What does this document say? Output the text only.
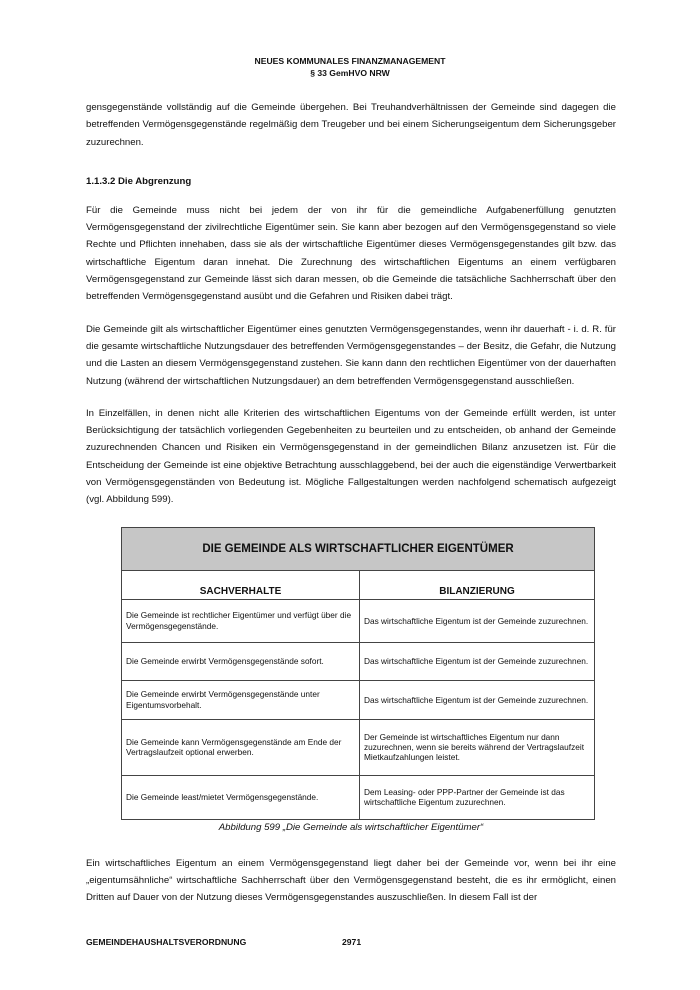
NEUES KOMMUNALES FINANZMANAGEMENT
§ 33 GemHVO NRW

gensgegenstände vollständig auf die Gemeinde übergehen. Bei Treuhandverhältnissen der Gemeinde sind dagegen die betreffenden Vermögensgegenstände regelmäßig dem Treugeber und bei einem Sicherungseigentum dem Sicherungsgeber zuzurechnen.

1.1.3.2 Die Abgrenzung

Für die Gemeinde muss nicht bei jedem der von ihr für die gemeindliche Aufgabenerfüllung genutzten Vermögensgegenstand der zivilrechtliche Eigentümer sein. Sie kann aber bezogen auf den Vermögensgegenstand so viele Rechte und Pflichten innehaben, dass sie als der wirtschaftliche Eigentümer dieses Vermögensgegenstandes gilt bzw. das wirtschaftliche Eigentum daran innehat. Die Zurechnung des wirtschaftlichen Eigentums an einem verfügbaren Vermögensgegenstand zur Gemeinde lässt sich daran messen, ob die Gemeinde die tatsächliche Sachherrschaft über den betreffenden Vermögensgegenstand ausübt und die Gefahren und Risiken dabei trägt.

Die Gemeinde gilt als wirtschaftlicher Eigentümer eines genutzten Vermögensgegenstandes, wenn ihr dauerhaft - i. d. R. für die gesamte wirtschaftliche Nutzungsdauer des betreffenden Vermögensgegenstandes – der Besitz, die Gefahr, die Nutzung und die Lasten an diesem Vermögensgegenstand zustehen. Sie kann dann den rechtlichen Eigentümer von der dauerhaften Nutzung (während der wirtschaftlichen Nutzungsdauer) an dem betreffenden Vermögensgegenstand ausschließen.

In Einzelfällen, in denen nicht alle Kriterien des wirtschaftlichen Eigentums von der Gemeinde erfüllt werden, ist unter Berücksichtigung der tatsächlich vorliegenden Gegebenheiten zu beurteilen und zu entscheiden, ob anhand der Gemeinde zuzurechnenden Chancen und Risiken ein Vermögensgegenstand in der gemeindlichen Bilanz anzusetzen ist. Für die Entscheidung der Gemeinde ist eine objektive Betrachtung ausschlaggebend, bei der auch die eigenständige Verwertbarkeit von Vermögensgegenständen von Bedeutung ist. Mögliche Fallgestaltungen werden nachfolgend schematisch aufgezeigt (vgl. Abbildung 599).

DIE GEMEINDE ALS WIRTSCHAFTLICHER EIGENTÜMER	
SACHVERHALTE	BILANZIERUNG
Die Gemeinde ist rechtlicher Eigentümer und verfügt über die Vermögensgegenstände.	Das wirtschaftliche Eigentum ist der Gemeinde zuzurechnen.
Die Gemeinde erwirbt Vermögensgegenstände sofort.	Das wirtschaftliche Eigentum ist der Gemeinde zuzurechnen.
Die Gemeinde erwirbt Vermögensgegenstände unter Eigentumsvorbehalt.	Das wirtschaftliche Eigentum ist der Gemeinde zuzurechnen.
Die Gemeinde kann Vermögensgegenstände am Ende der Vertragslaufzeit optional erwerben.	Der Gemeinde ist wirtschaftliches Eigentum nur dann zuzurechnen, wenn sie bereits während der Vertragslaufzeit Mietkaufzahlungen leistet.
Die Gemeinde least/mietet Vermögensgegenstände.	Dem Leasing- oder PPP-Partner der Gemeinde ist das wirtschaftliche Eigentum zuzurechnen.
Abbildung 599 „Die Gemeinde als wirtschaftlicher Eigentümer“

Ein wirtschaftliches Eigentum an einem Vermögensgegenstand liegt daher bei der Gemeinde vor, wenn bei ihr eine „eigentumsähnliche“ wirtschaftliche Sachherrschaft über den Vermögensgegenstand besteht, die es ihr ermöglicht, einen Dritten auf Dauer von der Nutzung dieses Vermögensgegenstandes auszuschließen. In diesem Fall ist der

GEMEINDEHAUSHALTSVERORDNUNG	2971
